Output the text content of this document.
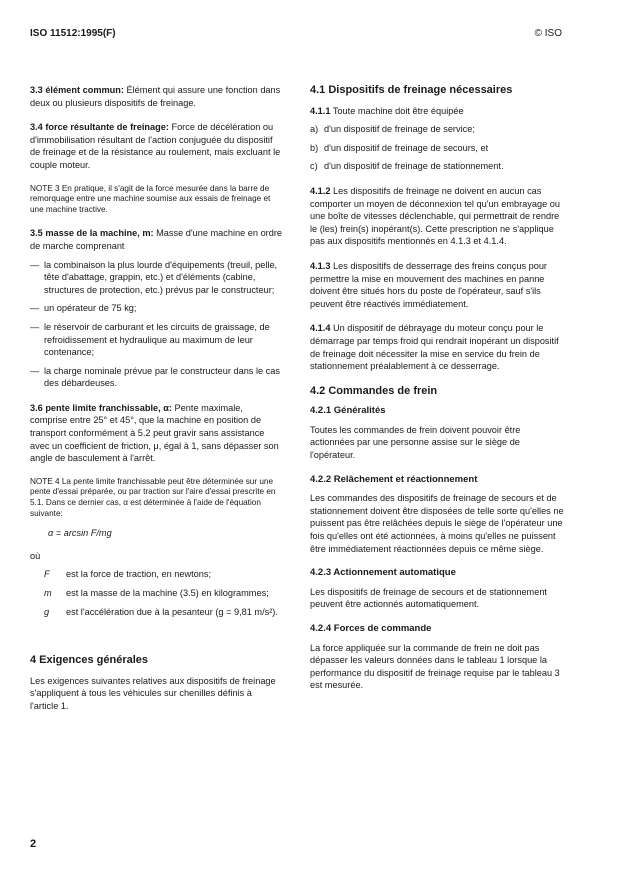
ISO 11512:1995(F)	© ISO

3.3 élément commun: Élément qui assure une fonction dans deux ou plusieurs dispositifs de freinage.

3.4 force résultante de freinage: Force de décélération ou d'immobilisation résultant de l'action conjuguée du dispositif de freinage et de la résistance au roulement, mais excluant le couple moteur.

NOTE 3 En pratique, il s'agit de la force mesurée dans la barre de remorquage entre une machine soumise aux essais de freinage et une machine tractive.

3.5 masse de la machine, m: Masse d'une machine en ordre de marche comprenant

— la combinaison la plus lourde d'équipements (treuil, pelle, tête d'abattage, grappin, etc.) et d'éléments (cabine, structures de protection, etc.) prévus par le constructeur;
— un opérateur de 75 kg;
— le réservoir de carburant et les circuits de graissage, de refroidissement et hydraulique au maximum de leur contenance;
— la charge nominale prévue par le constructeur dans le cas des débardeuses.

3.6 pente limite franchissable, α: Pente maximale, comprise entre 25° et 45°, que la machine en position de transport conformément à 5.2 peut gravir sans assistance avec un coefficient de friction, μ, égal à 1, sans dépasser son angle de basculement à l'arrêt.

NOTE 4 La pente limite franchissable peut être déterminée sur une pente d'essai préparée, ou par traction sur l'aire d'essai prescrite en 5.1. Dans ce dernier cas, α est déterminée à l'aide de l'équation suivante:

α = arcsin F/mg

où

F	est la force de traction, en newtons;
m	est la masse de la machine (3.5) en kilogrammes;
g	est l'accélération due à la pesanteur (g = 9,81 m/s²).

4 Exigences générales

Les exigences suivantes relatives aux dispositifs de freinage s'appliquent à tous les véhicules sur chenilles définis à l'article 1.

4.1 Dispositifs de freinage nécessaires

4.1.1 Toute machine doit être équipée

a) d'un dispositif de freinage de service;
b) d'un dispositif de freinage de secours, et
c) d'un dispositif de freinage de stationnement.

4.1.2 Les dispositifs de freinage ne doivent en aucun cas comporter un moyen de déconnexion tel qu'un embrayage ou une boîte de vitesses déclenchable, qui permettrait de rendre le (les) frein(s) inopérant(s). Cette prescription ne s'applique pas aux dispositifs mentionnés en 4.1.3 et 4.1.4.

4.1.3 Les dispositifs de desserrage des freins conçus pour permettre la mise en mouvement des machines en panne doivent être situés hors du poste de l'opérateur, sauf s'ils peuvent être réactivés immédiatement.

4.1.4 Un dispositif de débrayage du moteur conçu pour le démarrage par temps froid qui rendrait inopérant un dispositif de freinage doit nécessiter la mise en service du frein de stationnement préalablement à ce desserrage.

4.2 Commandes de frein

4.2.1 Généralités

Toutes les commandes de frein doivent pouvoir être actionnées par une personne assise sur le siège de l'opérateur.

4.2.2 Relâchement et réactionnement

Les commandes des dispositifs de freinage de secours et de stationnement doivent être disposées de telle sorte qu'elles ne puissent pas être relâchées depuis le siège de l'opérateur une fois qu'elles ont été actionnées, à moins qu'elles ne puissent être immédiatement réactionnées depuis ce même siège.

4.2.3 Actionnement automatique

Les dispositifs de freinage de secours et de stationnement peuvent être actionnés automatiquement.

4.2.4 Forces de commande

La force appliquée sur la commande de frein ne doit pas dépasser les valeurs données dans le tableau 1 lorsque la performance du dispositif de freinage requise par le tableau 3 est mesurée.

2
